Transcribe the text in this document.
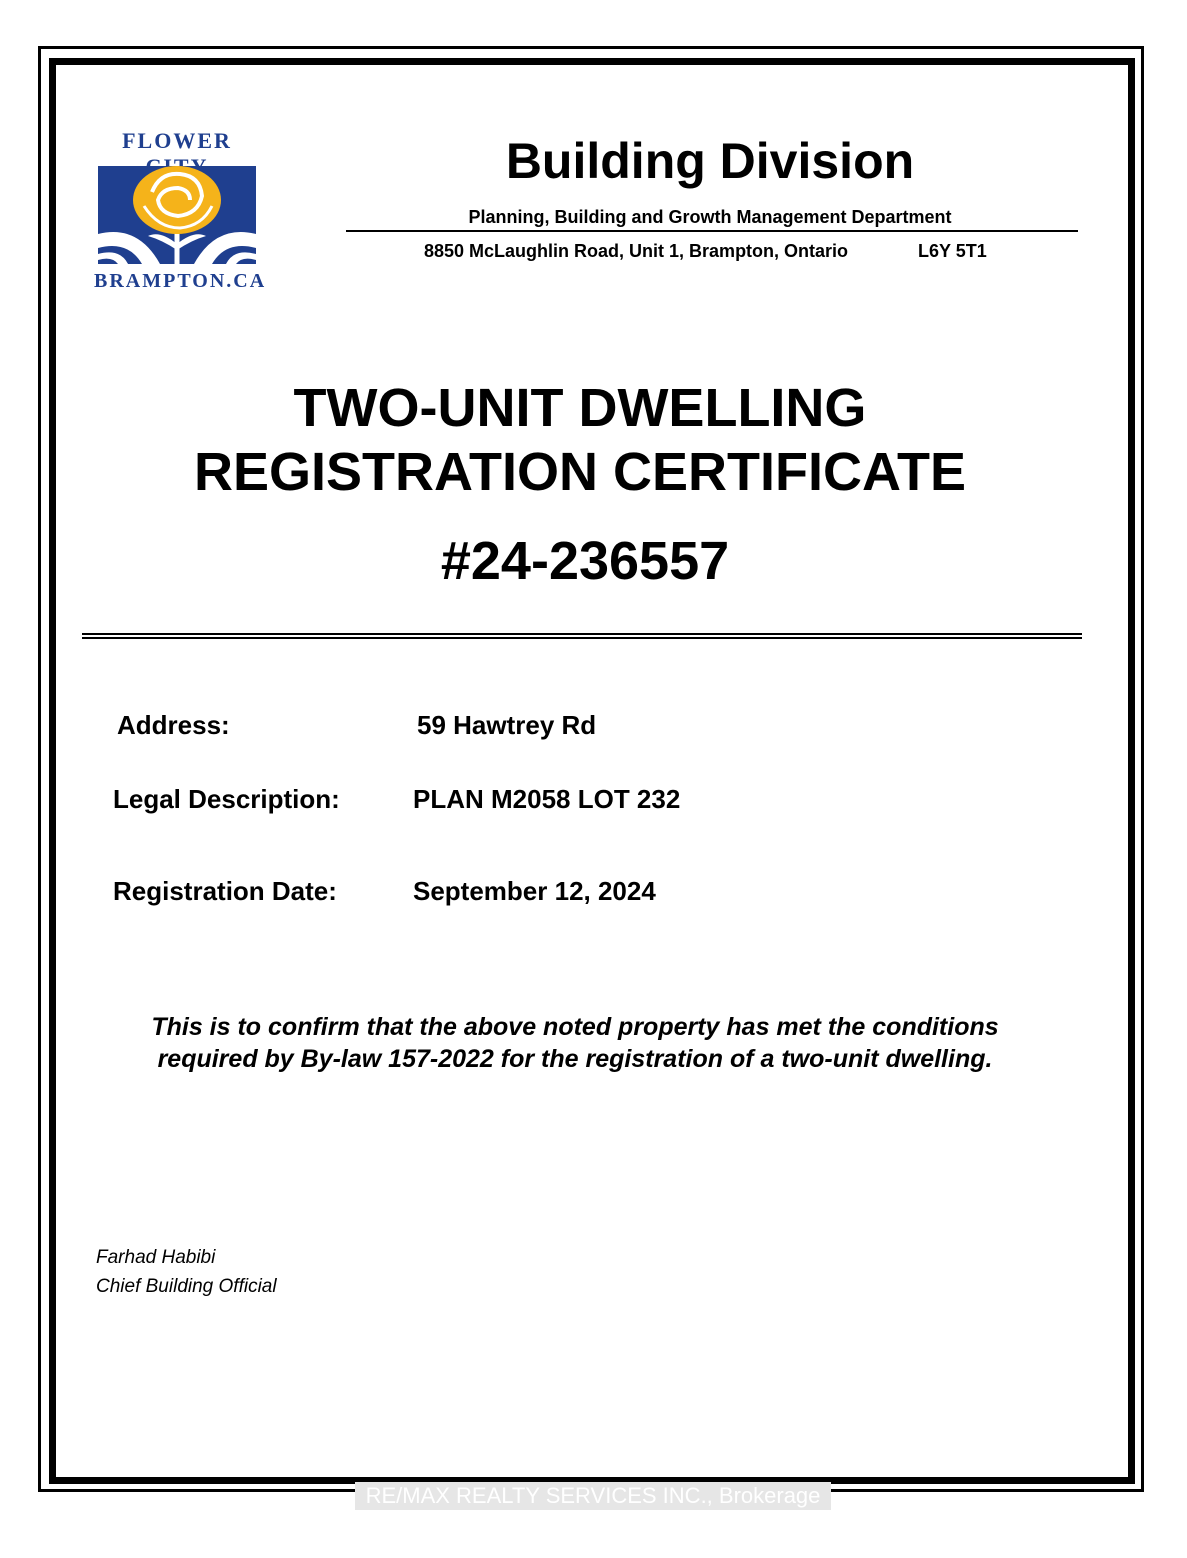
FLOWER
BRAMPTON.CA
Building Division
Planning, Building and Growth Management Department
8850 McLaughlin Road, Unit 1, Brampton, Ontario	L6Y 5T1
TWO-UNIT DWELLING
REGISTRATION CERTIFICATE
#24-236557
Address:	59 Hawtrey Rd
Legal Description:	PLAN M2058 LOT 232
Registration Date:	September 12, 2024
This is to confirm that the above noted property has met the conditions
required by By-law 157-2022 for the registration of a two-unit dwelling.
Farhad Habibi
Chief Building Official
RE/MAX REALTY SERVICES INC., Brokerage
